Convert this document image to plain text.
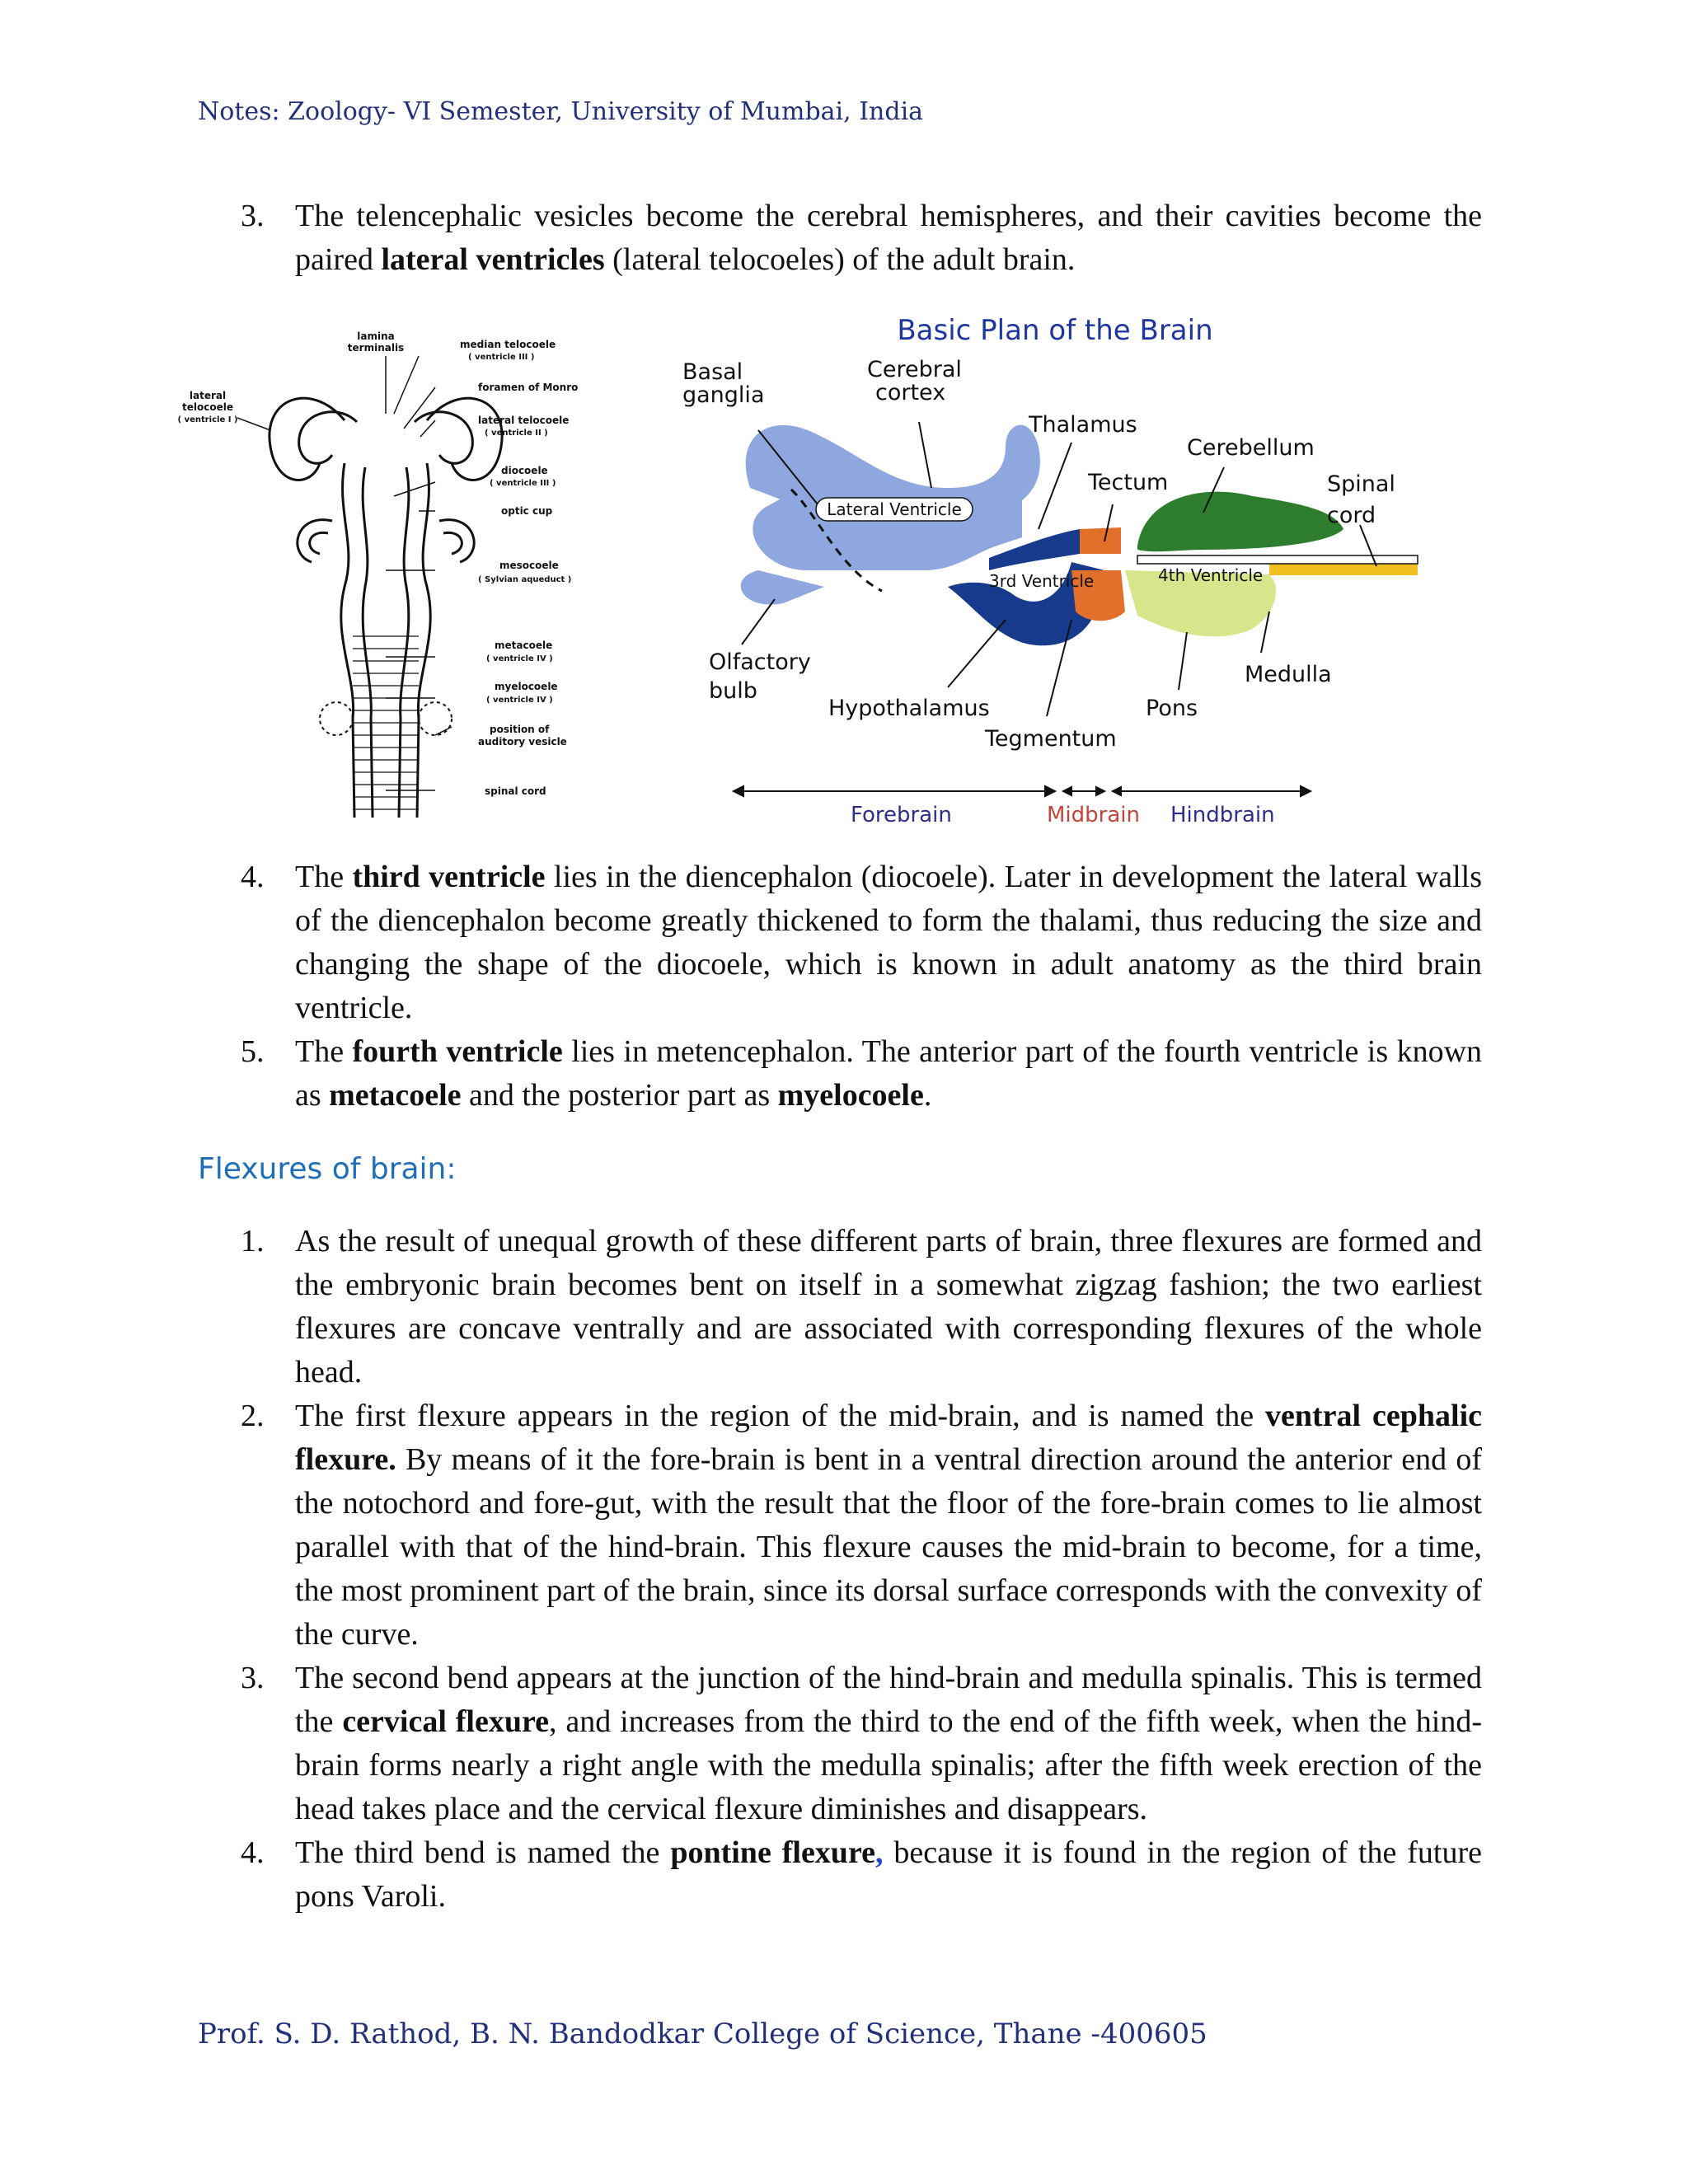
Notes: Zoology- VI Semester, University of Mumbai, India
3. The telencephalic vesicles become the cerebral hemispheres, and their cavities become the paired lateral ventricles (lateral telocoeles) of the adult brain.
lamina
terminalis	median telocoele
( ventricle III )
foramen of Monro
lateral
telocoele
( ventricle I )	lateral telocoele
( ventricle II )
diocoele
( ventricle III )
optic cup
mesocoele
( Sylvian aqueduct )
metacoele
( ventricle IV )
myelocoele
( ventricle IV )
position of
auditory vesicle
spinal cord
Basic Plan of the Brain
Basal
ganglia
Cerebral
cortex
Thalamus
Cerebellum
Tectum	Spinal
cord
Olfactory
bulb
Hypothalamus
Tegmentum
Pons
Medulla
Lateral Ventricle
3rd Ventricle	4th Ventricle
Forebrain	Midbrain Hindbrain
4. The third ventricle lies in the diencephalon (diocoele). Later in development the lateral walls of the diencephalon become greatly thickened to form the thalami, thus reducing the size and changing the shape of the diocoele, which is known in adult anatomy as the third brain ventricle.
5. The fourth ventricle lies in metencephalon. The anterior part of the fourth ventricle is known as metacoele and the posterior part as myelocoele.
Flexures of brain:
1. As the result of unequal growth of these different parts of brain, three flexures are formed and the embryonic brain becomes bent on itself in a somewhat zigzag fashion; the two earliest flexures are concave ventrally and are associated with corresponding flexures of the whole head.
2. The first flexure appears in the region of the mid-brain, and is named the ventral cephalic flexure. By means of it the fore-brain is bent in a ventral direction around the anterior end of the notochord and fore-gut, with the result that the floor of the fore-brain comes to lie almost parallel with that of the hind-brain. This flexure causes the mid-brain to become, for a time, the most prominent part of the brain, since its dorsal surface corresponds with the convexity of the curve.
3. The second bend appears at the junction of the hind-brain and medulla spinalis. This is termed the cervical flexure, and increases from the third to the end of the fifth week, when the hind-brain forms nearly a right angle with the medulla spinalis; after the fifth week erection of the head takes place and the cervical flexure diminishes and disappears.
4. The third bend is named the pontine flexure, because it is found in the region of the future pons Varoli.
Prof. S. D. Rathod, B. N. Bandodkar College of Science, Thane -400605
